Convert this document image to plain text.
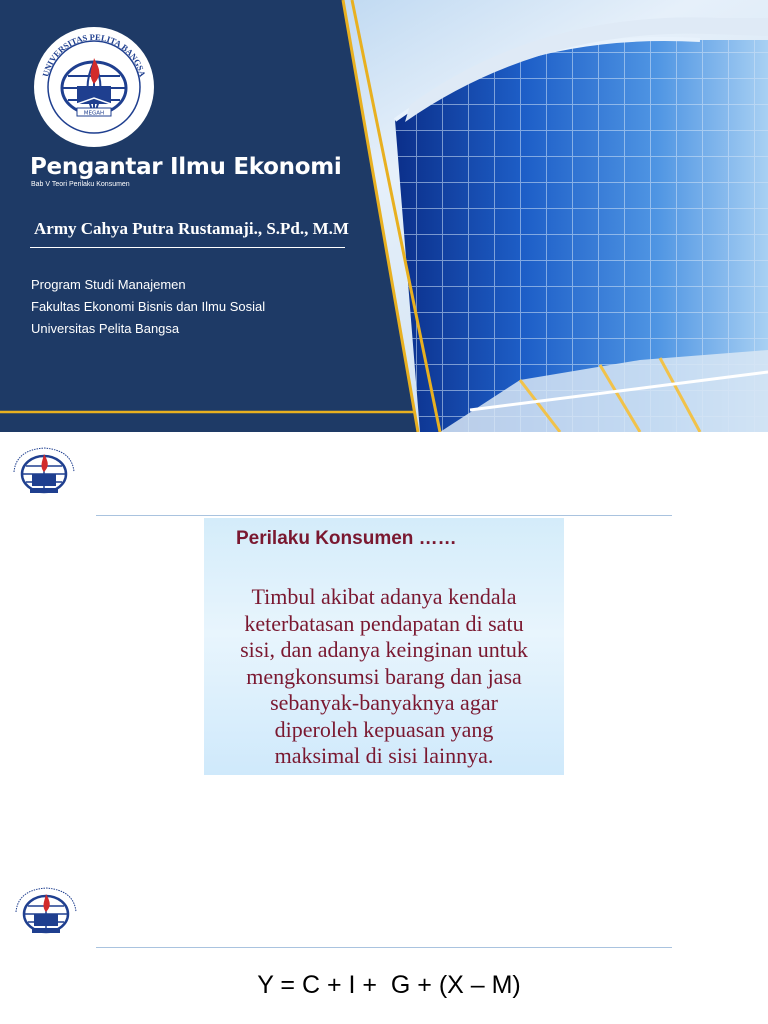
MEGAH
UNIVERSITAS PELITA BANGSA
Pengantar Ilmu Ekonomi
Bab V Teori Perilaku Konsumen
Army Cahya Putra Rustamaji., S.Pd., M.M
Program Studi Manajemen
Fakultas Ekonomi Bisnis dan Ilmu Sosial
Universitas Pelita Bangsa
Perilaku Konsumen ……
Timbul akibat adanya kendala
keterbatasan pendapatan di satu
sisi, dan adanya keinginan untuk
mengkonsumsi barang dan jasa
sebanyak-banyaknya agar
diperoleh kepuasan yang
maksimal di sisi lainnya.
Y = C + I +  G + (X – M)
